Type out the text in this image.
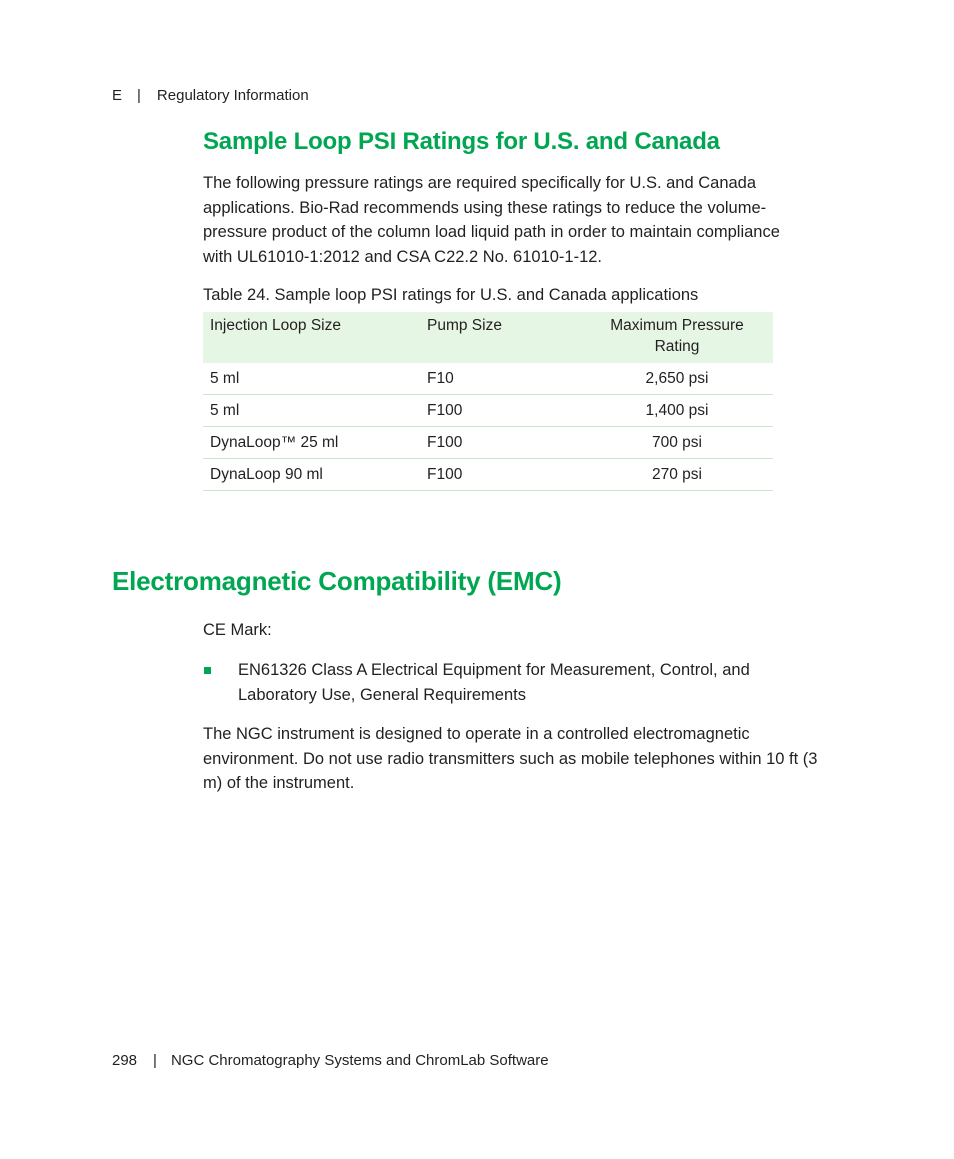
E | Regulatory Information
Sample Loop PSI Ratings for U.S. and Canada

The following pressure ratings are required specifically for U.S. and Canada applications. Bio-Rad recommends using these ratings to reduce the volume-pressure product of the column load liquid path in order to maintain compliance with UL61010-1:2012 and CSA C22.2 No. 61010-1-12.

Table 24. Sample loop PSI ratings for U.S. and Canada applications

Injection Loop Size	Pump Size	Maximum Pressure Rating
5 ml	F10	2,650 psi
5 ml	F100	1,400 psi
DynaLoop™ 25 ml	F100	700 psi
DynaLoop 90 ml	F100	270 psi
Electromagnetic Compatibility (EMC)

CE Mark:

EN61326 Class A Electrical Equipment for Measurement, Control, and Laboratory Use, General Requirements

The NGC instrument is designed to operate in a controlled electromagnetic environment. Do not use radio transmitters such as mobile telephones within 10 ft (3 m) of the instrument.

298 | NGC Chromatography Systems and ChromLab Software
